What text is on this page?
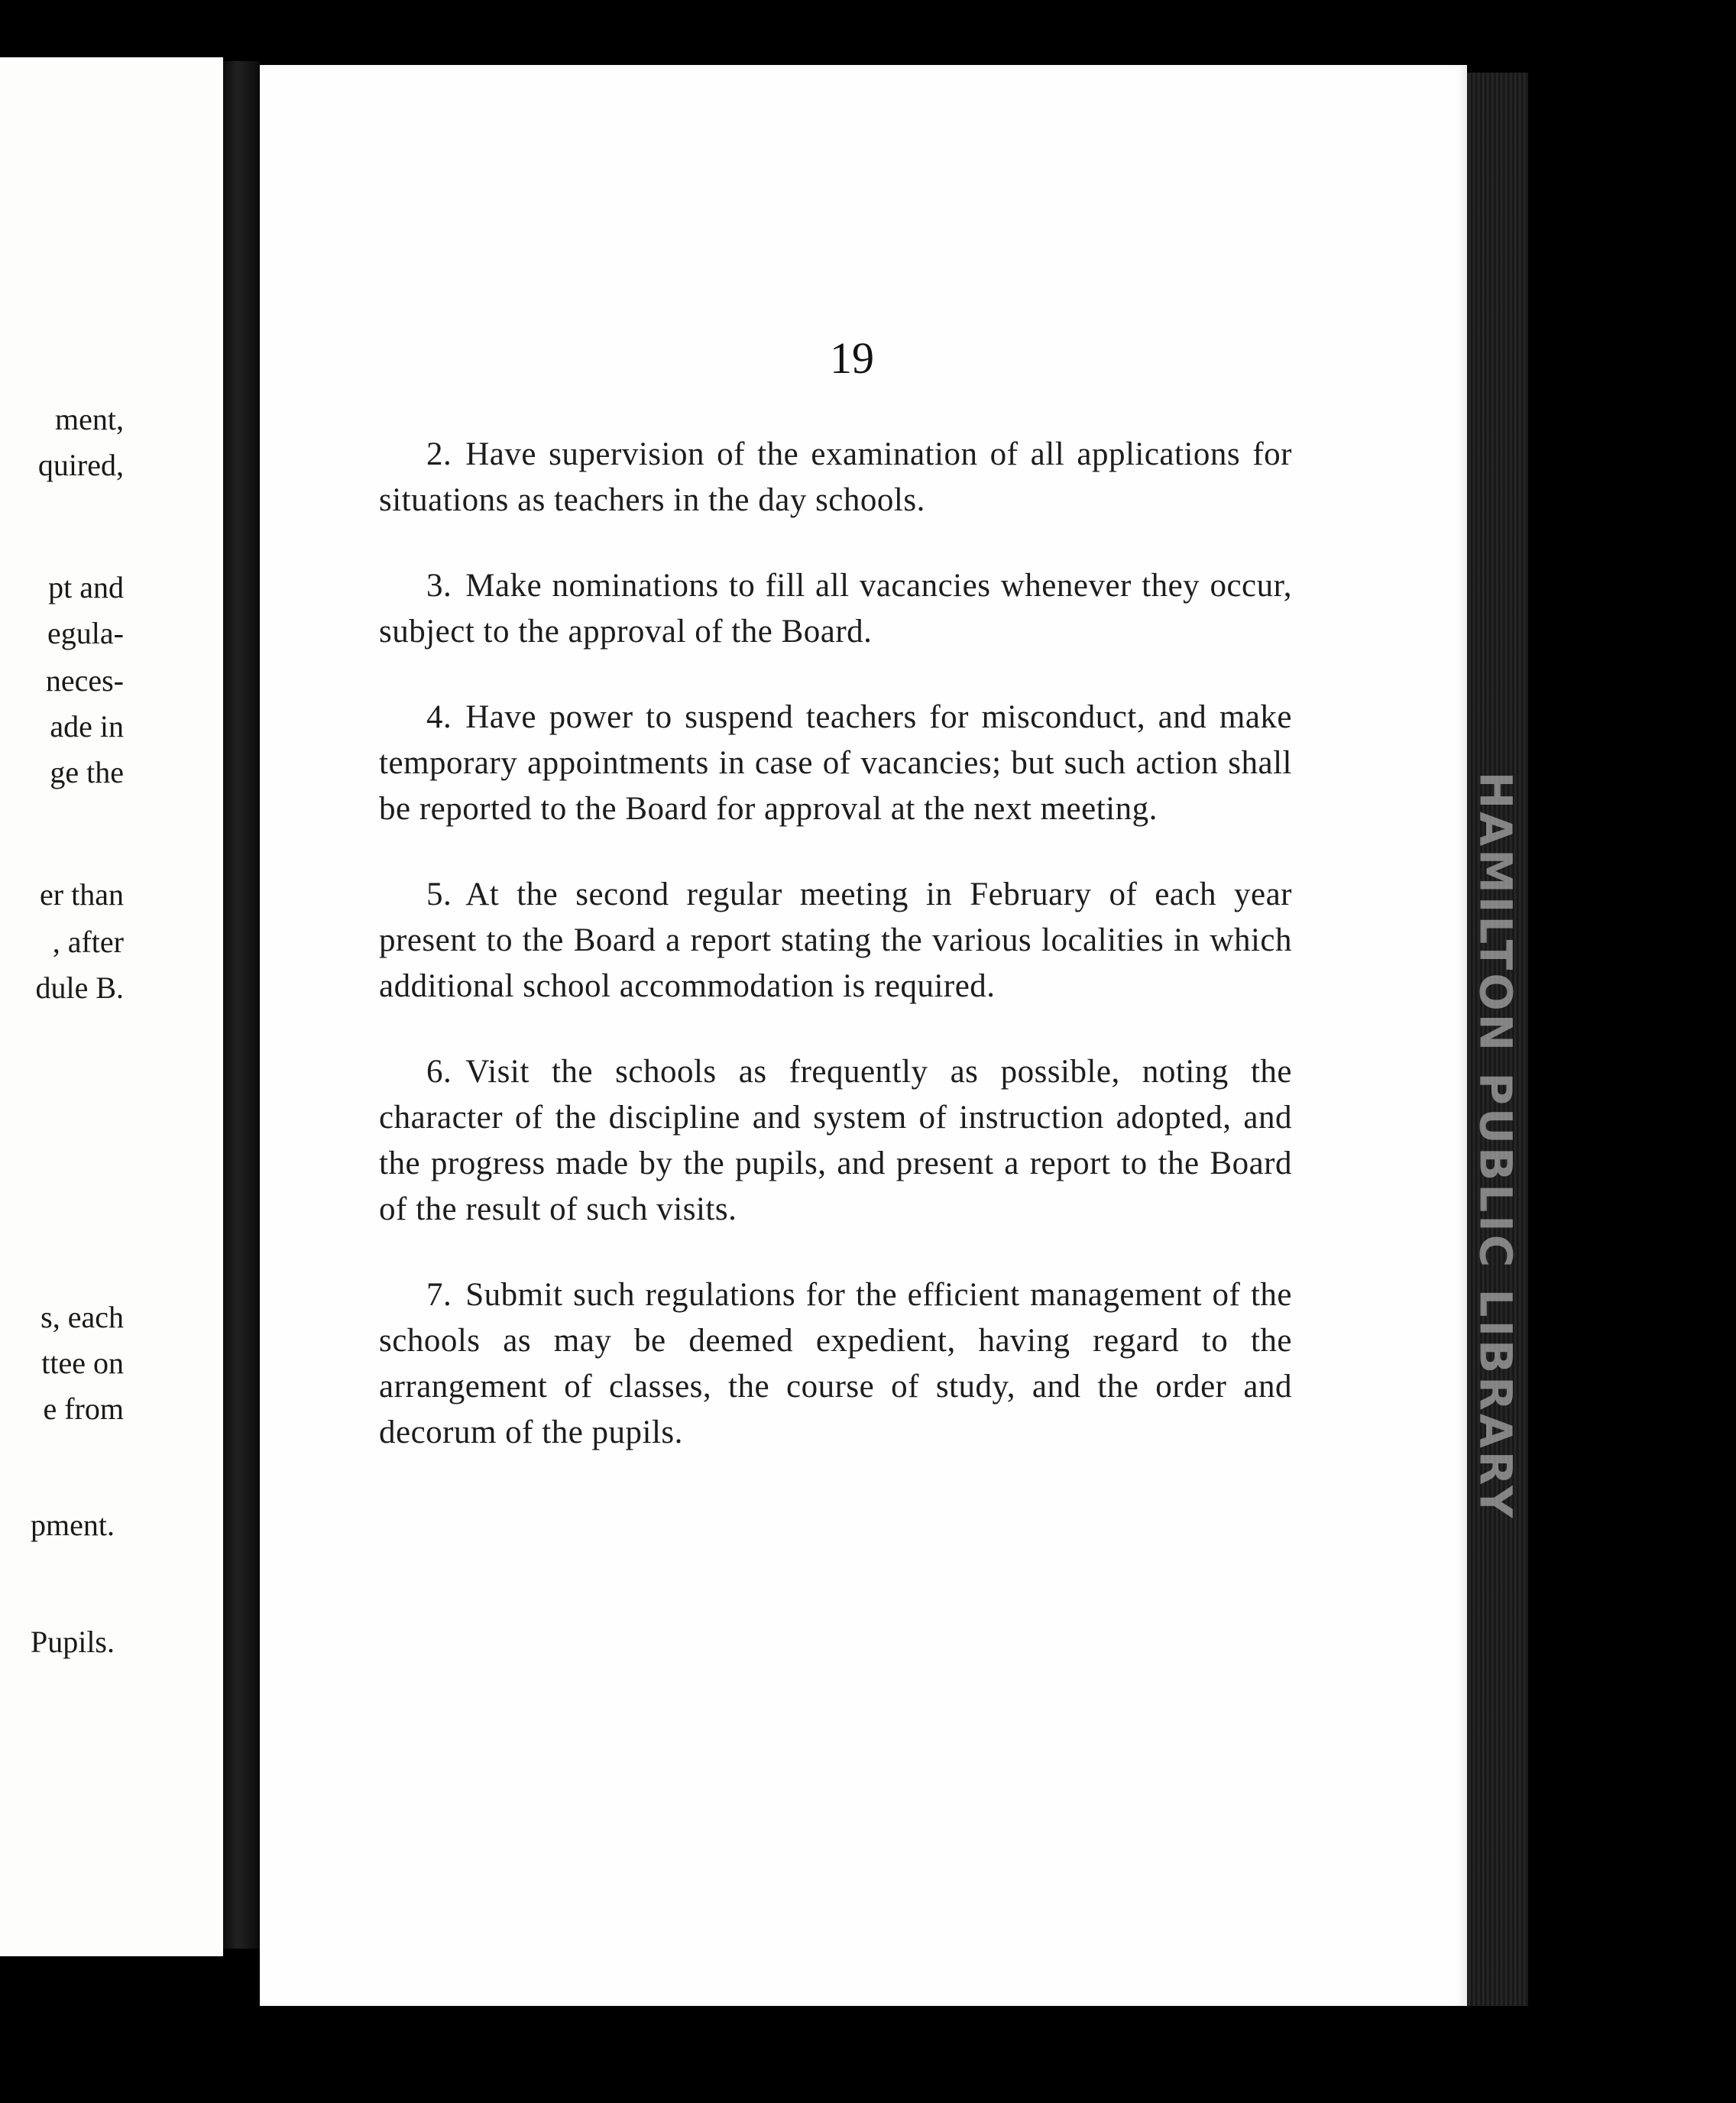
ment,
quired,
pt and
egula-
neces-
ade in
ge the
er than
, after
dule B.
s, each
ttee on
e from
pment.
Pupils.
19

2. Have supervision of the examination of all applications for situations as teachers in the day schools.

3. Make nominations to fill all vacancies whenever they occur, subject to the approval of the Board.

4. Have power to suspend teachers for misconduct, and make temporary appointments in case of vacancies; but such action shall be reported to the Board for approval at the next meeting.

5. At the second regular meeting in February of each year present to the Board a report stating the various localities in which additional school accommodation is required.

6. Visit the schools as frequently as possible, noting the character of the discipline and system of instruction adopted, and the progress made by the pupils, and present a report to the Board of the result of such visits.

7. Submit such regulations for the efficient management of the schools as may be deemed expedient, having regard to the arrangement of classes, the course of study, and the order and decorum of the pupils.	HAMILTON PUBLIC LIBRARY
